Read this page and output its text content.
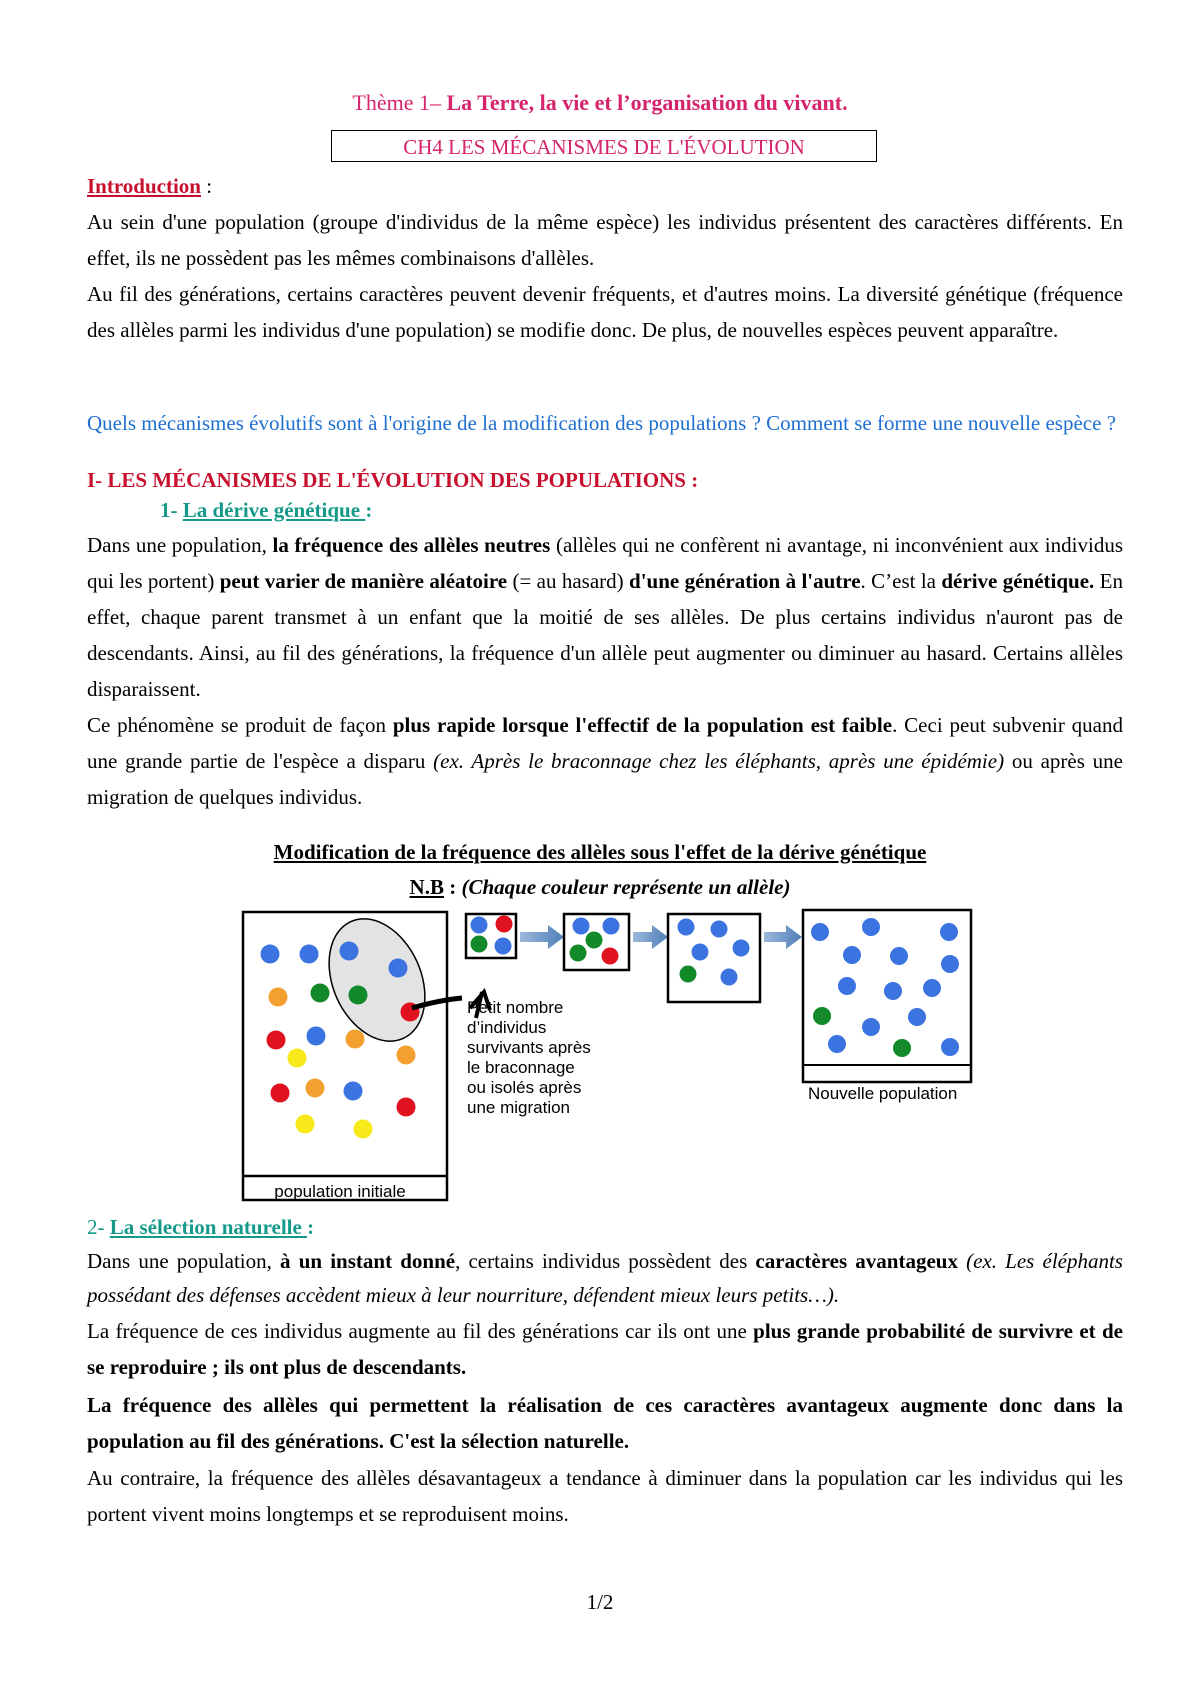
Thème 1– La Terre, la vie et l’organisation du vivant.
CH4 LES MÉCANISMES DE L'ÉVOLUTION

Introduction :

Au sein d'une population (groupe d'individus de la même espèce) les individus présentent des caractères différents. En effet, ils ne possèdent pas les mêmes combinaisons d'allèles.

Au fil des générations, certains caractères peuvent devenir fréquents, et d'autres moins. La diversité génétique (fréquence des allèles parmi les individus d'une population) se modifie donc. De plus, de nouvelles espèces peuvent apparaître.

Quels mécanismes évolutifs sont à l'origine de la modification des populations ? Comment se forme une nouvelle espèce ?

I- LES MÉCANISMES DE L'ÉVOLUTION DES POPULATIONS :

1- La dérive génétique :

Dans une population, la fréquence des allèles neutres (allèles qui ne confèrent ni avantage, ni inconvénient aux individus qui les portent) peut varier de manière aléatoire (= au hasard) d'une génération à l'autre. C’est la dérive génétique. En effet, chaque parent transmet à un enfant que la moitié de ses allèles. De plus certains individus n'auront pas de descendants. Ainsi, au fil des générations, la fréquence d'un allèle peut augmenter ou diminuer au hasard. Certains allèles disparaissent.

Ce phénomène se produit de façon plus rapide lorsque l'effectif de la population est faible. Ceci peut subvenir quand une grande partie de l'espèce a disparu (ex. Après le braconnage chez les éléphants, après une épidémie) ou après une migration de quelques individus.

Modification de la fréquence des allèles sous l'effet de la dérive génétique
N.B : (Chaque couleur représente un allèle)
population initiale
Petit nombre d’individus survivants après le braconnage ou isolés après une migration
Nouvelle population

2- La sélection naturelle :

Dans une population, à un instant donné, certains individus possèdent des caractères avantageux (ex. Les éléphants possédant des défenses accèdent mieux à leur nourriture, défendent mieux leurs petits…).

La fréquence de ces individus augmente au fil des générations car ils ont une plus grande probabilité de survivre et de se reproduire ; ils ont plus de descendants.

La fréquence des allèles qui permettent la réalisation de ces caractères avantageux augmente donc dans la population au fil des générations. C'est la sélection naturelle.

Au contraire, la fréquence des allèles désavantageux a tendance à diminuer dans la population car les individus qui les portent vivent moins longtemps et se reproduisent moins.

1/2
